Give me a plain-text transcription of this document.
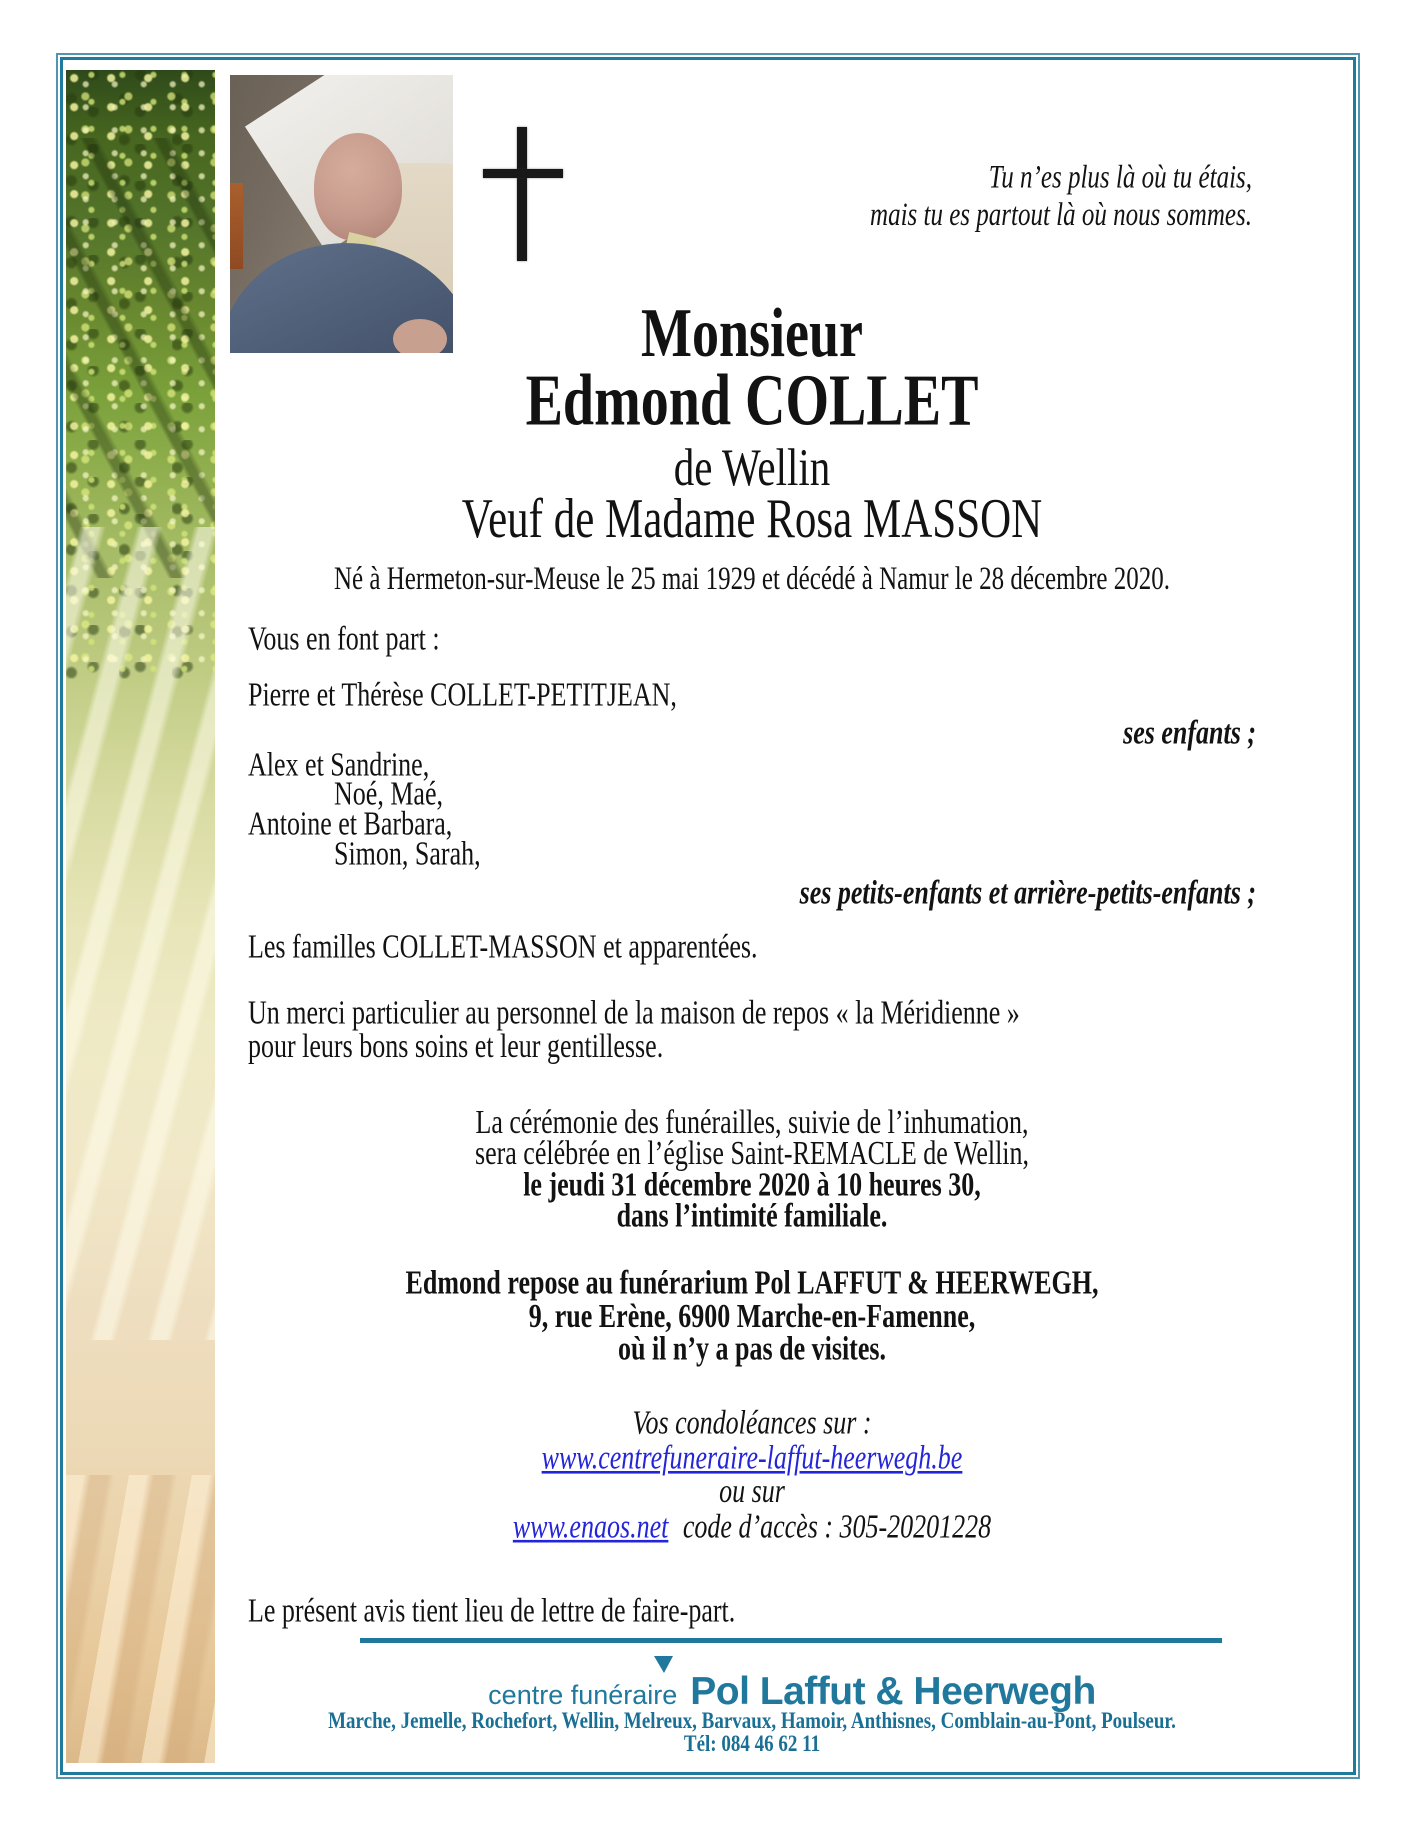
Tu n’es plus là où tu étais,
mais tu es partout là où nous sommes.
Monsieur
Edmond COLLET
de Wellin
Veuf de Madame Rosa MASSON
Né à Hermeton-sur-Meuse le 25 mai 1929 et décédé à Namur le 28 décembre 2020.
Vous en font part :
Pierre et Thérèse COLLET-PETITJEAN,
ses enfants ;
Alex et Sandrine,
Noé, Maé,
Antoine et Barbara,
Simon, Sarah,
ses petits-enfants et arrière-petits-enfants ;
Les familles COLLET-MASSON et apparentées.
Un merci particulier au personnel de la maison de repos « la Méridienne »
pour leurs bons soins et leur gentillesse.
La cérémonie des funérailles, suivie de l’inhumation,
sera célébrée en l’église Saint-REMACLE de Wellin,
le jeudi 31 décembre 2020 à 10 heures 30,
dans l’intimité familiale.
Edmond repose au funérarium Pol LAFFUT & HEERWEGH,
9, rue Erène, 6900 Marche-en-Famenne,
où il n’y a pas de visites.
Vos condoléances sur :
www.centrefuneraire-laffut-heerwegh.be
ou sur
www.enaos.net code d’accès : 305-20201228
Le présent avis tient lieu de lettre de faire-part.
centre funéraire Pol Laffut & Heerwegh
Marche, Jemelle, Rochefort, Wellin, Melreux, Barvaux, Hamoir, Anthisnes, Comblain-au-Pont, Poulseur.
Tél: 084 46 62 11
